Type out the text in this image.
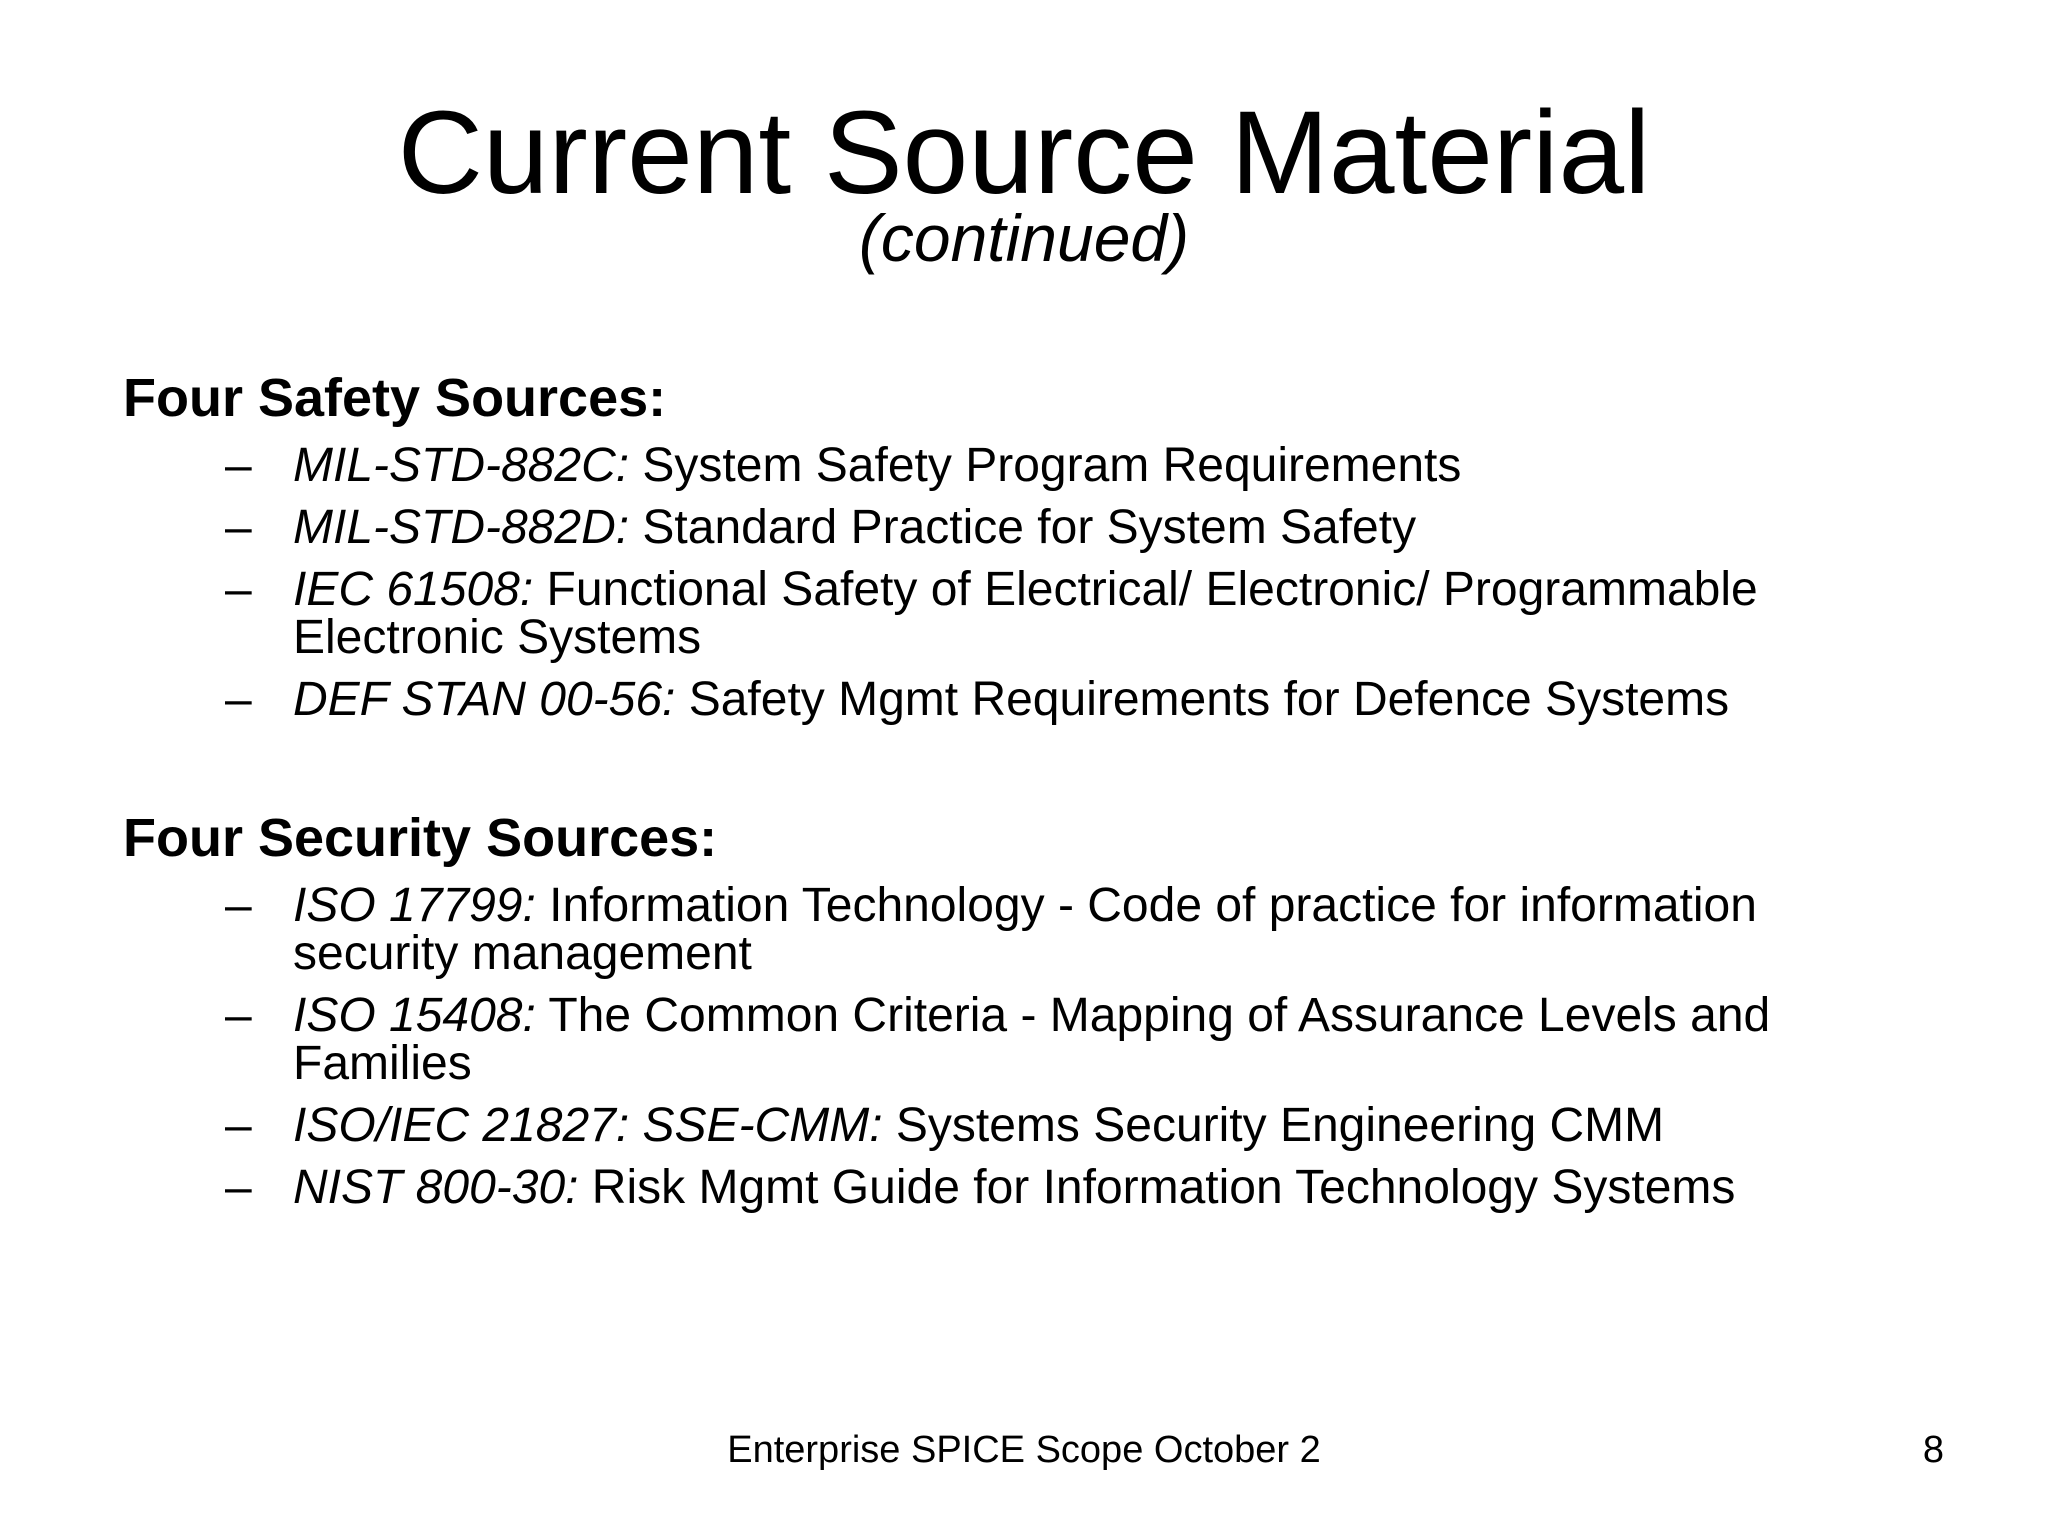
Current Source Material
(continued)
Four Safety Sources:
– MIL-STD-882C: System Safety Program Requirements
– MIL-STD-882D: Standard Practice for System Safety
– IEC 61508: Functional Safety of Electrical/ Electronic/ Programmable Electronic Systems
– DEF STAN 00-56: Safety Mgmt Requirements for Defence Systems
Four Security Sources:
– ISO 17799: Information Technology - Code of practice for information security management
– ISO 15408: The Common Criteria - Mapping of Assurance Levels and Families
– ISO/IEC 21827: SSE-CMM: Systems Security Engineering CMM
– NIST 800-30: Risk Mgmt Guide for Information Technology Systems
Enterprise SPICE Scope October 2	8
